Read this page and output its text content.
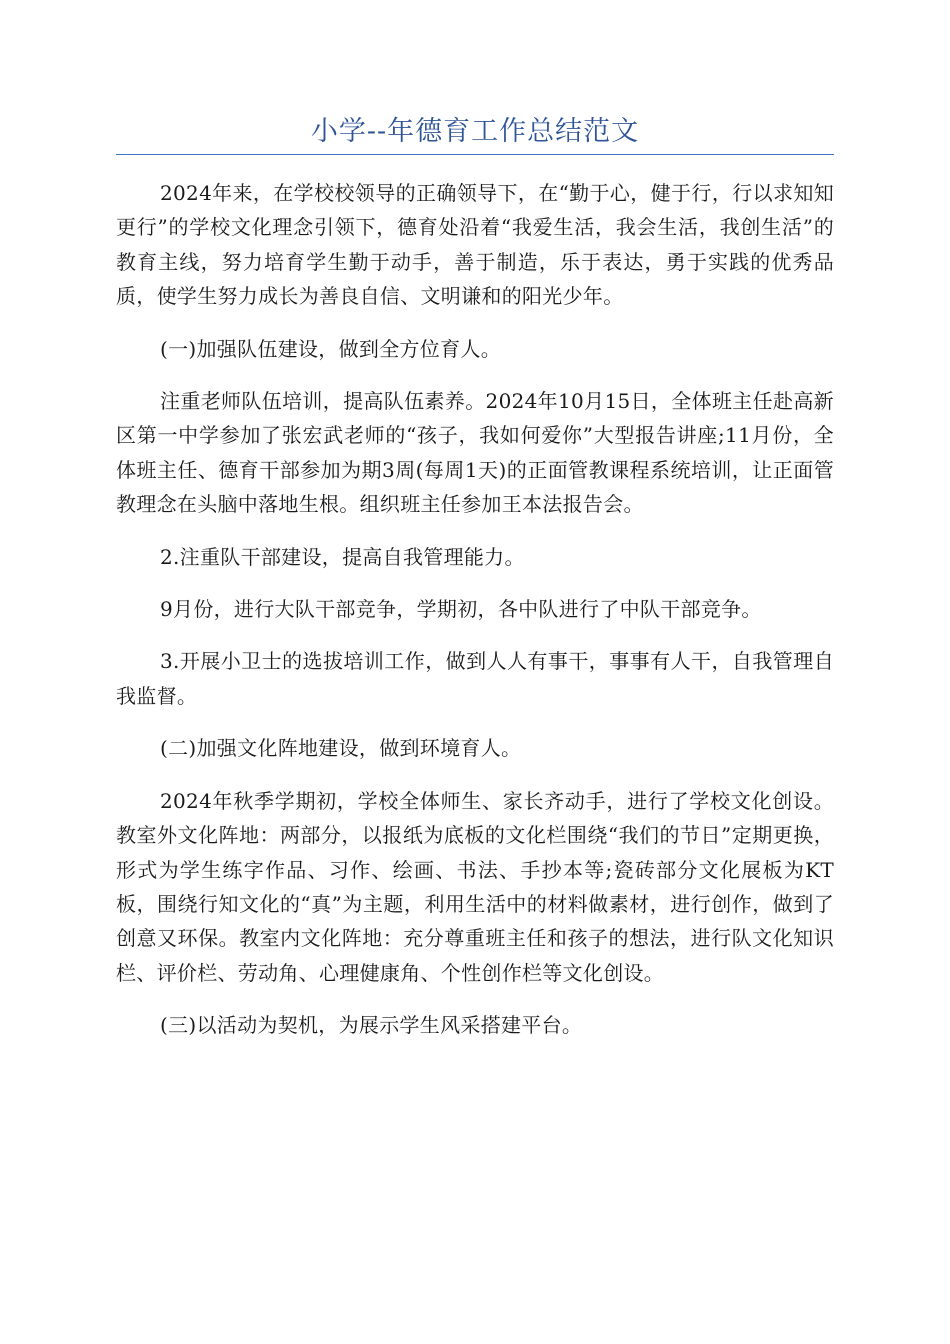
小学--年德育工作总结范文

2024年来，在学校校领导的正确领导下，在“勤于心，健于行，行以求知知更行”的学校文化理念引领下，德育处沿着“我爱生活，我会生活，我创生活”的教育主线，努力培育学生勤于动手，善于制造，乐于表达，勇于实践的优秀品质，使学生努力成长为善良自信、文明谦和的阳光少年。

(一)加强队伍建设，做到全方位育人。

注重老师队伍培训，提高队伍素养。2024年10月15日，全体班主任赴高新区第一中学参加了张宏武老师的“孩子，我如何爱你”大型报告讲座;11月份，全体班主任、德育干部参加为期3周(每周1天)的正面管教课程系统培训，让正面管教理念在头脑中落地生根。组织班主任参加王本法报告会。

2.注重队干部建设，提高自我管理能力。

9月份，进行大队干部竞争，学期初，各中队进行了中队干部竞争。

3.开展小卫士的选拔培训工作，做到人人有事干，事事有人干，自我管理自我监督。

(二)加强文化阵地建设，做到环境育人。

2024年秋季学期初，学校全体师生、家长齐动手，进行了学校文化创设。教室外文化阵地：两部分，以报纸为底板的文化栏围绕“我们的节日”定期更换，形式为学生练字作品、习作、绘画、书法、手抄本等;瓷砖部分文化展板为KT板，围绕行知文化的“真”为主题，利用生活中的材料做素材，进行创作，做到了创意又环保。教室内文化阵地：充分尊重班主任和孩子的想法，进行队文化知识栏、评价栏、劳动角、心理健康角、个性创作栏等文化创设。

(三)以活动为契机，为展示学生风采搭建平台。
